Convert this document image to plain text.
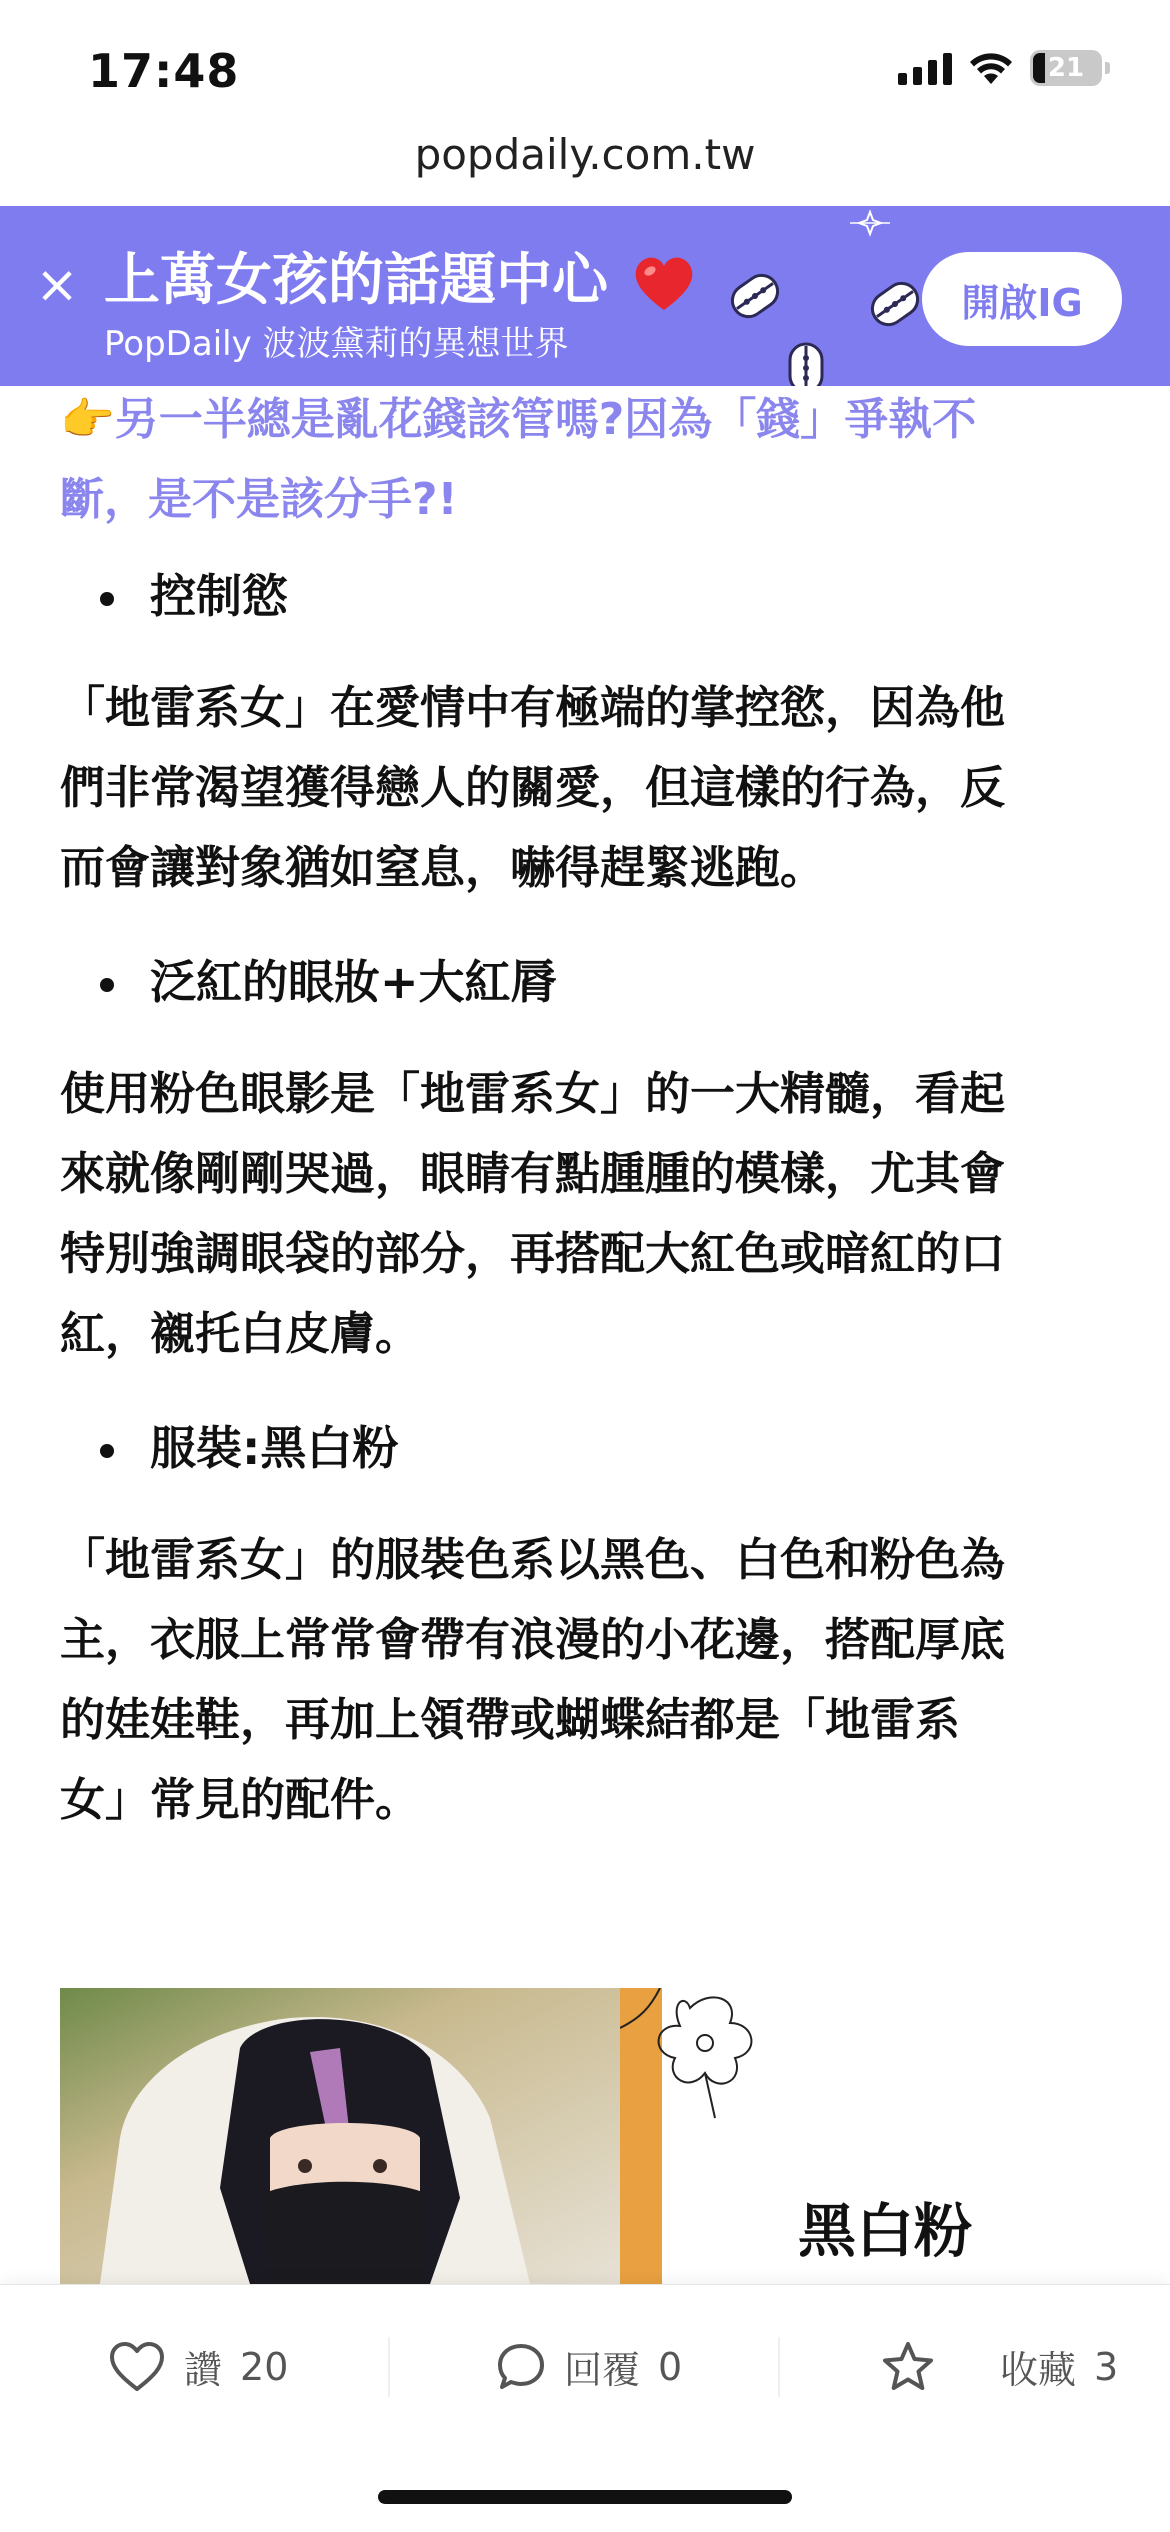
17:48	21
popdaily.com.tw
× 上萬女孩的話題中心
PopDaily 波波黛莉的異想世界
開啟IG
👉另一半總是亂花錢該管嗎?因為「錢」爭執不
斷，是不是該分手?!
控制慾
「地雷系女」在愛情中有極端的掌控慾，因為他
們非常渴望獲得戀人的關愛，但這樣的行為，反
而會讓對象猶如窒息，嚇得趕緊逃跑。
泛紅的眼妝+大紅脣
使用粉色眼影是「地雷系女」的一大精髓，看起
來就像剛剛哭過，眼睛有點腫腫的模樣，尤其會
特別強調眼袋的部分，再搭配大紅色或暗紅的口
紅，襯托白皮膚。
服裝:黑白粉
「地雷系女」的服裝色系以黑色、白色和粉色為
主，衣服上常常會帶有浪漫的小花邊，搭配厚底
的娃娃鞋，再加上領帶或蝴蝶結都是「地雷系
女」常見的配件。
黑白粉
讚 20	回覆 0	收藏 3
